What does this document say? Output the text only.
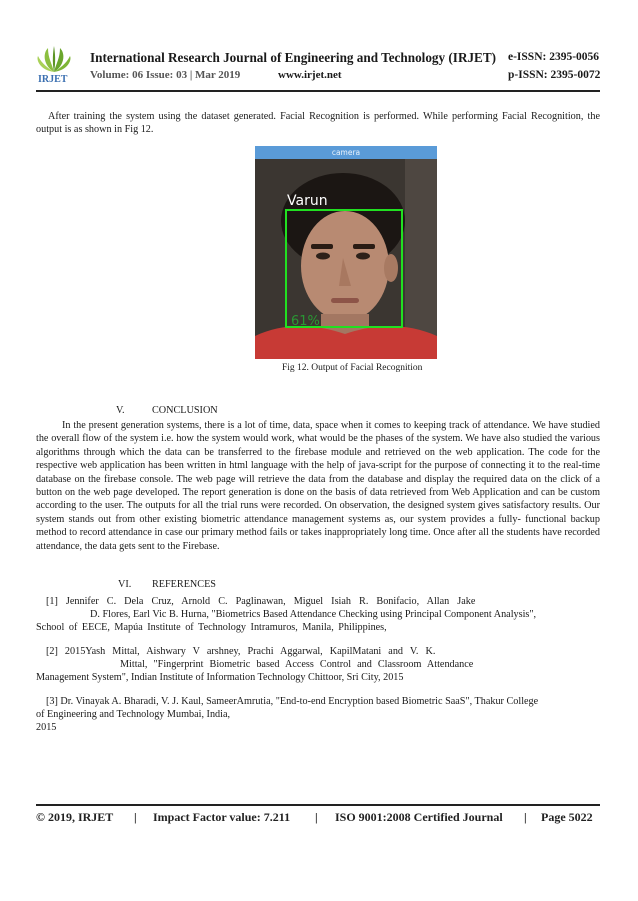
IRJET
International Research Journal of Engineering and Technology (IRJET) e-ISSN: 2395-0056
Volume: 06 Issue: 03 | Mar 2019	www.irjet.net	p-ISSN: 2395-0072
After training the system using the dataset generated. Facial Recognition is performed. While performing Facial Recognition, the output is as shown in Fig 12.
camera
Varun
61%
Fig 12. Output of Facial Recognition
V.	CONCLUSION
In the present generation systems, there is a lot of time, data, space when it comes to keeping track of attendance. We have studied the overall flow of the system i.e. how the system would work, what would be the phases of the system. We have also studied the various algorithms through which the data can be transferred to the firebase module and retrieved on the web application. The code for the respective web application has been written in html language with the help of java-script for the purpose of connecting it to the real-time database on the firebase console. The web page will retrieve the data from the database and display the required data on the click of a button on the web page developed. The report generation is done on the basis of data retrieved from Web Application and can be custom according to the user. The outputs for all the trial runs were recorded. On observation, the designed system gives satisfactory results. Our system stands out from other existing biometric attendance management systems as, our system provides a fully- functional backup method to record attendance in case our primary method fails or takes inappropriately long time. Once after all the students have recorded attendance, the data gets sent to the Firebase.
VI. REFERENCES
[1] Jennifer C. Dela Cruz, Arnold C. Paglinawan, Miguel Isiah R. Bonifacio, Allan Jake
D. Flores, Earl Vic B. Hurna, "Biometrics Based Attendance Checking using Principal Component Analysis",
School of EECE, Mapúa Institute of Technology Intramuros, Manila, Philippines,
[2] 2015Yash Mittal, Aishwary V arshney, Prachi Aggarwal, KapilMatani and V. K.
Mittal, "Fingerprint Biometric based Access Control and Classroom Attendance
Management System", Indian Institute of Information Technology Chittoor, Sri City, 2015
[3] Dr. Vinayak A. Bharadi, V. J. Kaul, SameerAmrutia, "End-to-end Encryption based Biometric SaaS", Thakur College
of Engineering and Technology Mumbai, India,
2015
© 2019, IRJET | Impact Factor value: 7.211 | ISO 9001:2008 Certified Journal | Page 5022
